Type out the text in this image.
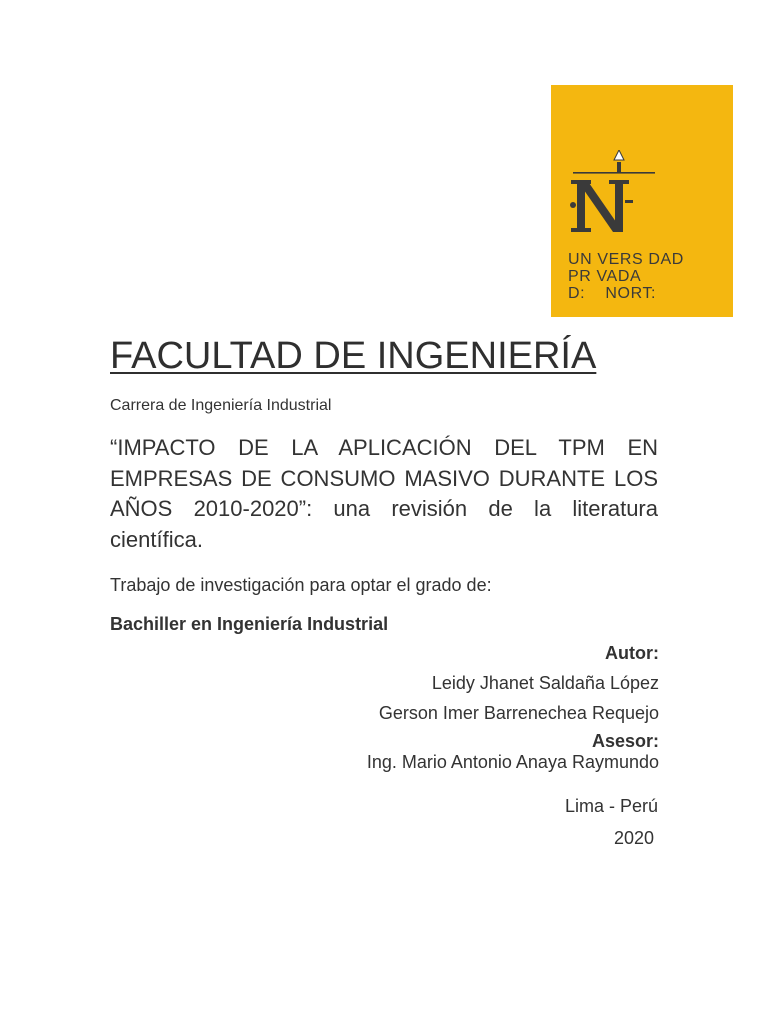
UN VERS DAD
PR VADA
D:    NORT:
FACULTAD DE INGENIERÍA
Carrera de Ingeniería Industrial
“IMPACTO DE LA APLICACIÓN DEL TPM EN EMPRESAS DE CONSUMO MASIVO DURANTE LOS AÑOS 2010-2020”: una revisión de la literatura científica.
Trabajo de investigación para optar el grado de:
Bachiller en Ingeniería Industrial
Autor:
Leidy Jhanet Saldaña López
Gerson Imer Barrenechea Requejo
Asesor:
Ing. Mario Antonio Anaya Raymundo
Lima - Perú
2020
